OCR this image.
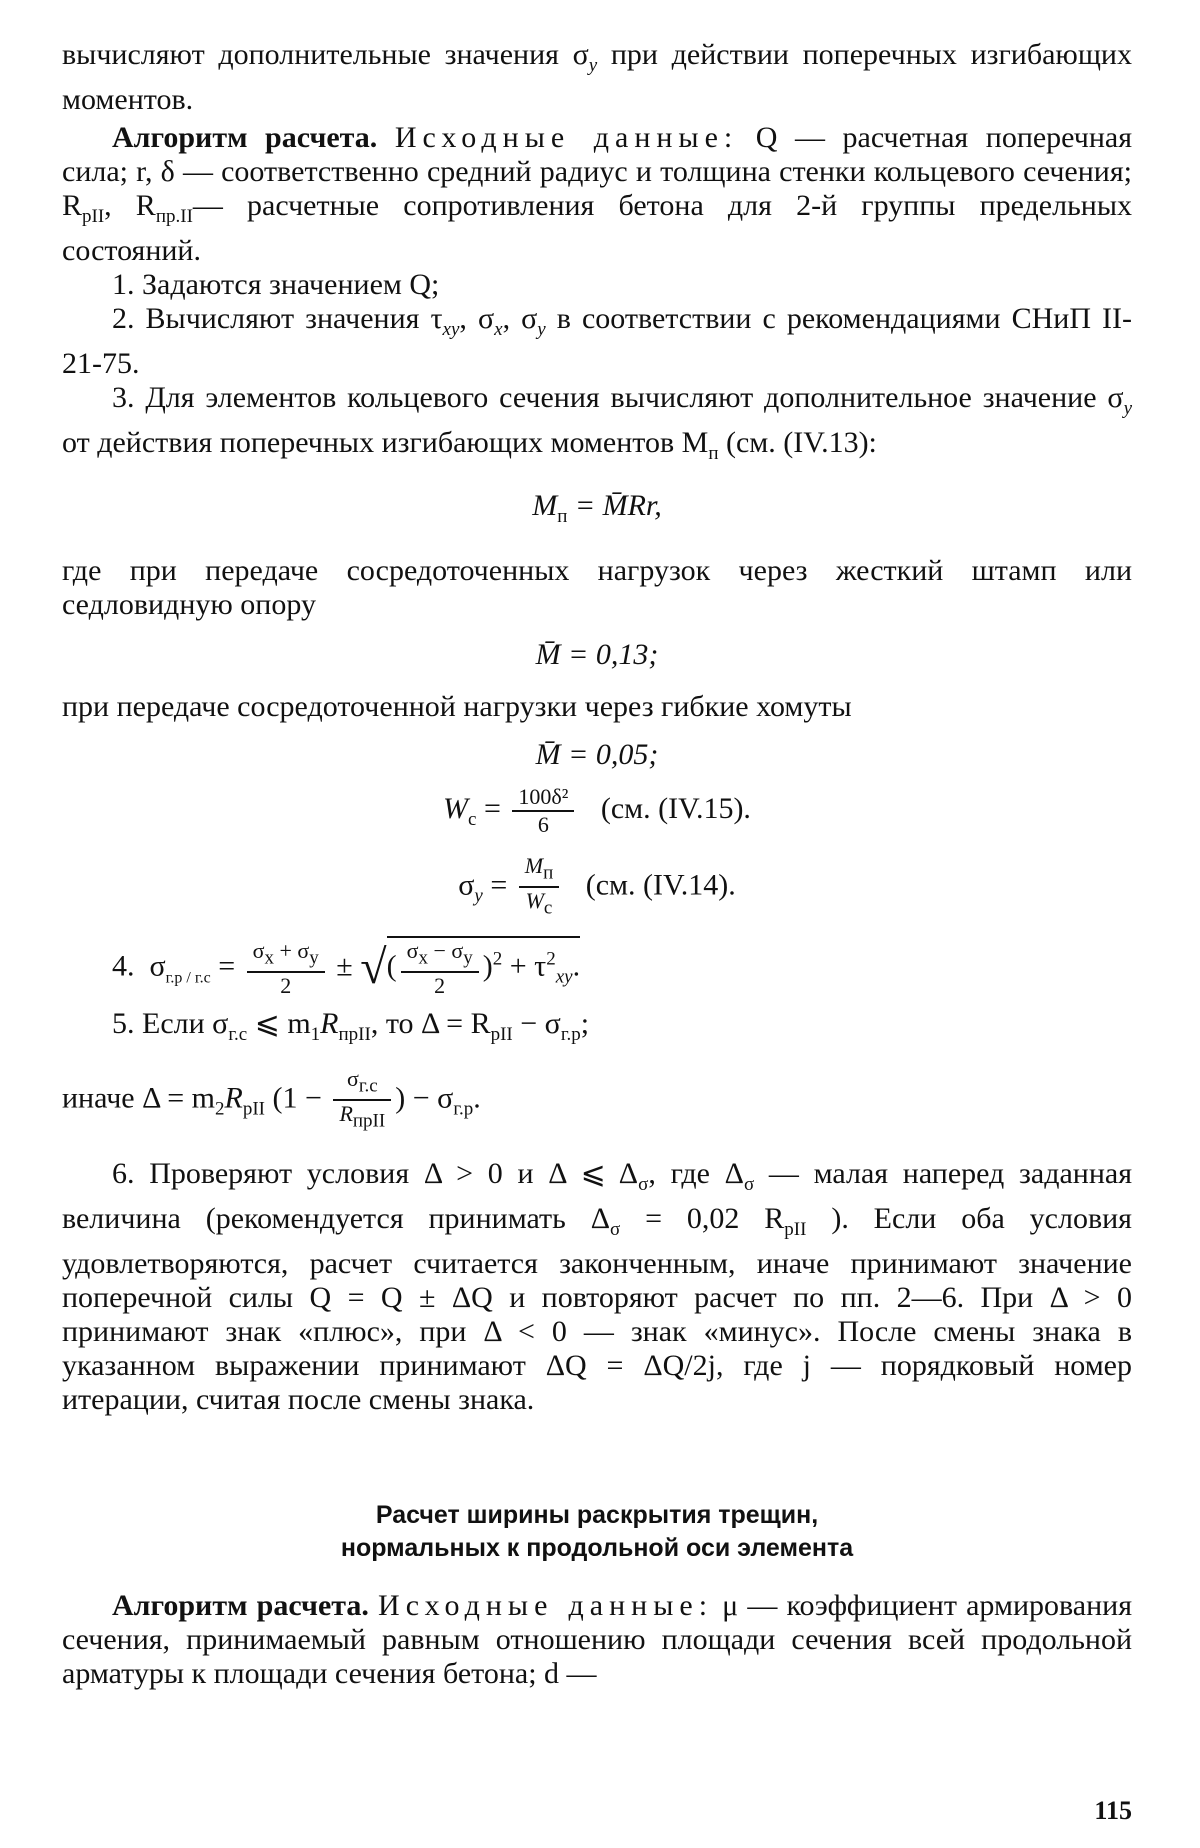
вычисляют дополнительные значения $\sigma_y$ при действии поперечных изгибающих моментов.

Алгоритм расчета. Исходные данные: Q — расчетная поперечная сила; r, δ — соответственно средний радиус и толщина стенки кольцевого сечения; $R_{pII}$, $R_{пр.II}—$ расчетные сопротивления бетона для 2-й группы предельных состояний.

1. Задаются значением Q;

2. Вычисляют значения $\tau_{xy}$, $\sigma_x$, $\sigma_y$ в соответствии с рекомендациями СНиП II-21-75.

3. Для элементов кольцевого сечения вычисляют дополнительное значение $\sigma_y$ от действия поперечных изгибающих моментов $M_п$ (см. (IV.13):

$M_п$ = M̄Rr,

где при передаче сосредоточенных нагрузок через жесткий штамп или седловидную опору

M̄ = 0,13;

при передаче сосредоточенной нагрузки через гибкие хомуты

M̄ = 0,05;
$W_c = \frac{\text{100δ²}}{6} (см$. (IV.15).
$\sigma_y = \frac{M_п}{W_c} (см$. (IV.14).
4. $\sigma_{г.р / г.с} = \frac{\sigma_x + \sigma_y}{2}$ ± √( $\frac{\sigma_x - \sigma_y}{2} )^2 + \tau^2_{xy}$.

5. Если $\sigma_{г.с}$ ⩽ $m_1R_{прII}$, то $\Delta = R_{pII} - \sigma_{г.р}$;

иначе $\Delta = m_2R_{pII}$ ($1 - \frac{\sigma_{г.с}}{R_{прII}}$ ) − $\sigma_{г.р}$.

6. Проверяют условия Δ > 0 и Δ ⩽ $\Delta_\sigma$, где $\Delta_\sigma$ — малая наперед заданная величина (рекомендуется принимать $\Delta_\sigma = 0,02$ $R_{pII}$ ). Если оба условия удовлетворяются, расчет считается законченным, иначе принимают значение поперечной силы Q = Q ± ΔQ и повторяют расчет по пп. 2—6. При Δ > 0 принимают знак «плюс», при Δ < 0 — знак «минус». После смены знака в указанном выражении принимают ΔQ = ΔQ/2j, где j — порядковый номер итерации, считая после смены знака.

Расчет ширины раскрытия трещин,

нормальных к продольной оси элемента

Алгоритм расчета. Исходные данные: μ — коэффициент армирования сечения, принимаемый равным отношению площади сечения всей продольной арматуры к площади сечения бетона; d —

115
